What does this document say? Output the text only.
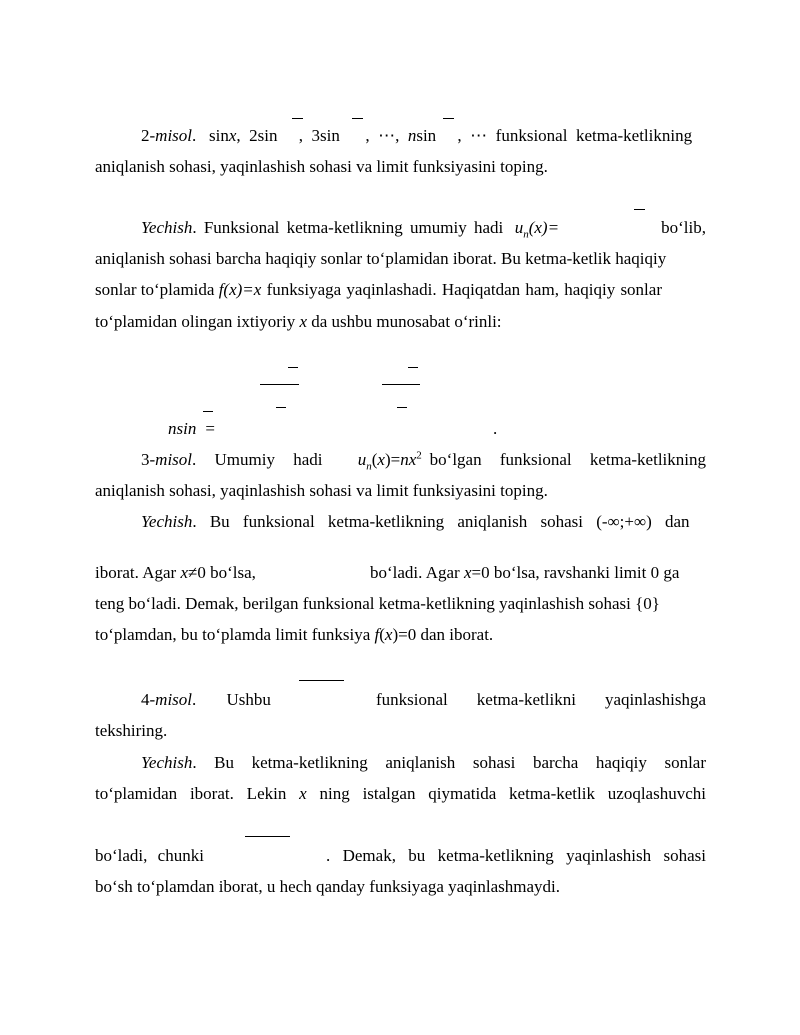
2-misol.   sinx,  2sin     ,  3sin      ,  ⋯,  nsin     ,  ⋯  funksional  ketma-ketlikning
aniqlanish sohasi, yaqinlashish sohasi va limit funksiyasini toping.
Yechish. Funksional ketma-ketlikning umumiy hadi  $u_n(x)=$	bo‘lib,
aniqlanish sohasi barcha haqiqiy sonlar to‘plamidan iborat. Bu ketma-ketlik haqiqiy
sonlar to‘plamida f(x)=x funksiyaga yaqinlashadi. Haqiqatdan ham, haqiqiy sonlar
to‘plamidan olingan ixtiyoriy x da ushbu munosabat o‘rinli:
nsin =	.
3-misol. Umumiy hadi     $u_n(x)=nx^2$ bo‘lgan funksional ketma-ketlikning
aniqlanish sohasi, yaqinlashish sohasi va limit funksiyasini toping.
Yechish. Bu funksional ketma-ketlikning aniqlanish sohasi (-∞;+∞) dan
iborat. Agar x≠0 bo‘lsa,	bo‘ladi. Agar x=0 bo‘lsa, ravshanki limit 0 ga
teng bo‘ladi. Demak, berilgan funksional ketma-ketlikning yaqinlashish sohasi {0}
to‘plamdan, bu to‘plamda limit funksiya f(x)=0 dan iborat.
4-misol. Ushbu	funksional ketma-ketlikni yaqinlashishga
tekshiring.
Yechish. Bu ketma-ketlikning aniqlanish sohasi barcha haqiqiy sonlar
to‘plamidan iborat. Lekin x ning istalgan qiymatida ketma-ketlik uzoqlashuvchi
bo‘ladi, chunki	. Demak, bu ketma-ketlikning yaqinlashish sohasi
bo‘sh to‘plamdan iborat, u hech qanday funksiyaga yaqinlashmaydi.
